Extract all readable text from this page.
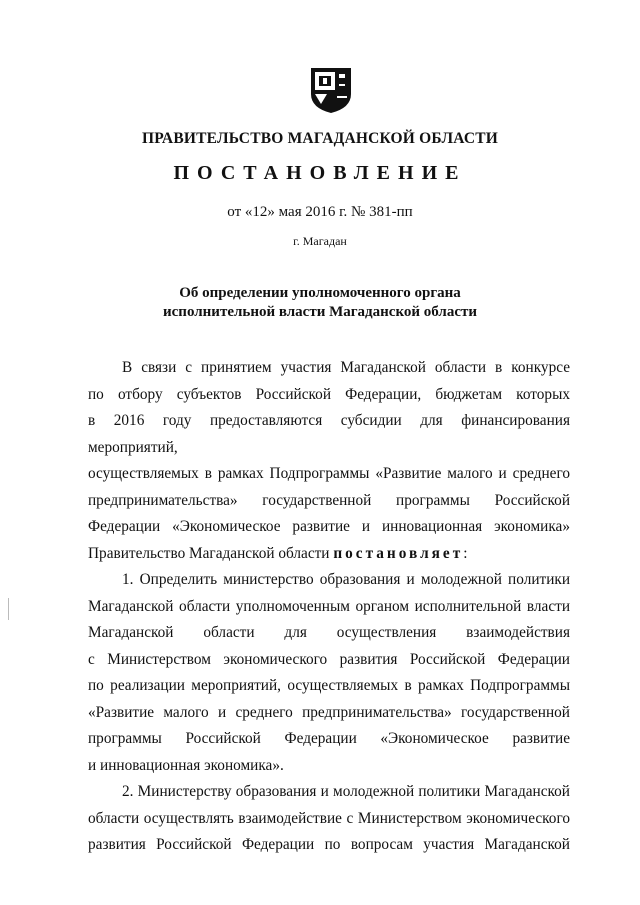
ПРАВИТЕЛЬСТВО МАГАДАНСКОЙ ОБЛАСТИ
ПОСТАНОВЛЕНИЕ
от «12» мая 2016 г. № 381-пп
г. Магадан
Об определении уполномоченного органа
исполнительной власти Магаданской области
В связи с принятием участия Магаданской области в конкурсе
по отбору субъектов Российской Федерации, бюджетам которых
в 2016 году предоставляются субсидии для финансирования мероприятий,
осуществляемых в рамках Подпрограммы «Развитие малого и среднего
предпринимательства» государственной программы Российской
Федерации «Экономическое развитие и инновационная экономика»
Правительство Магаданской области постановляет:
1. Определить министерство образования и молодежной политики
Магаданской области уполномоченным органом исполнительной власти
Магаданской области для осуществления взаимодействия
с Министерством экономического развития Российской Федерации
по реализации мероприятий, осуществляемых в рамках Подпрограммы
«Развитие малого и среднего предпринимательства» государственной
программы Российской Федерации «Экономическое развитие
и инновационная экономика».
2. Министерству образования и молодежной политики Магаданской
области осуществлять взаимодействие с Министерством экономического
развития Российской Федерации по вопросам участия Магаданской
